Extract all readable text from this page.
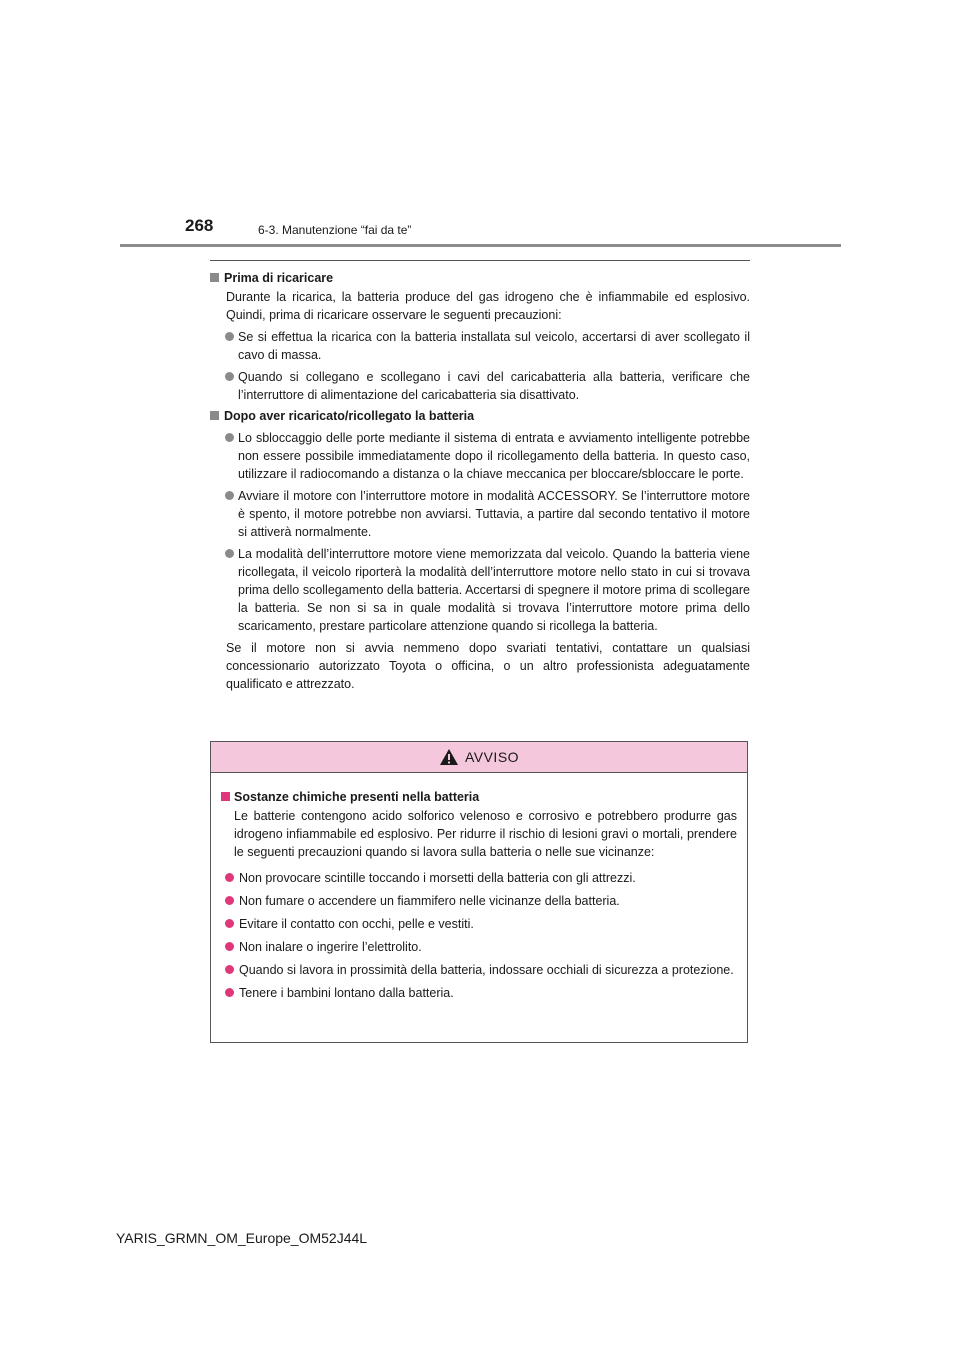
268	6-3. Manutenzione “fai da te”
Prima di ricaricare
Durante la ricarica, la batteria produce del gas idrogeno che è infiammabile ed esplosivo. Quindi, prima di ricaricare osservare le seguenti precauzioni:
Se si effettua la ricarica con la batteria installata sul veicolo, accertarsi di aver scollegato il cavo di massa.
Quando si collegano e scollegano i cavi del caricabatteria alla batteria, verificare che l’interruttore di alimentazione del caricabatteria sia disattivato.
Dopo aver ricaricato/ricollegato la batteria
Lo sbloccaggio delle porte mediante il sistema di entrata e avviamento intelligente potrebbe non essere possibile immediatamente dopo il ricollegamento della batteria. In questo caso, utilizzare il radiocomando a distanza o la chiave meccanica per bloccare/sbloccare le porte.
Avviare il motore con l’interruttore motore in modalità ACCESSORY. Se l’interruttore motore è spento, il motore potrebbe non avviarsi. Tuttavia, a partire dal secondo tentativo il motore si attiverà normalmente.
La modalità dell’interruttore motore viene memorizzata dal veicolo. Quando la batteria viene ricollegata, il veicolo riporterà la modalità dell’interruttore motore nello stato in cui si trovava prima dello scollegamento della batteria. Accertarsi di spegnere il motore prima di scollegare la batteria. Se non si sa in quale modalità si trovava l’interruttore motore prima dello scaricamento, prestare particolare attenzione quando si ricollega la batteria.
Se il motore non si avvia nemmeno dopo svariati tentativi, contattare un qualsiasi concessionario autorizzato Toyota o officina, o un altro professionista adeguatamente qualificato e attrezzato.
AVVISO
Sostanze chimiche presenti nella batteria
Le batterie contengono acido solforico velenoso e corrosivo e potrebbero produrre gas idrogeno infiammabile ed esplosivo. Per ridurre il rischio di lesioni gravi o mortali, prendere le seguenti precauzioni quando si lavora sulla batteria o nelle sue vicinanze:
Non provocare scintille toccando i morsetti della batteria con gli attrezzi.
Non fumare o accendere un fiammifero nelle vicinanze della batteria.
Evitare il contatto con occhi, pelle e vestiti.
Non inalare o ingerire l’elettrolito.
Quando si lavora in prossimità della batteria, indossare occhiali di sicurezza a protezione.
Tenere i bambini lontano dalla batteria.
YARIS_GRMN_OM_Europe_OM52J44L
